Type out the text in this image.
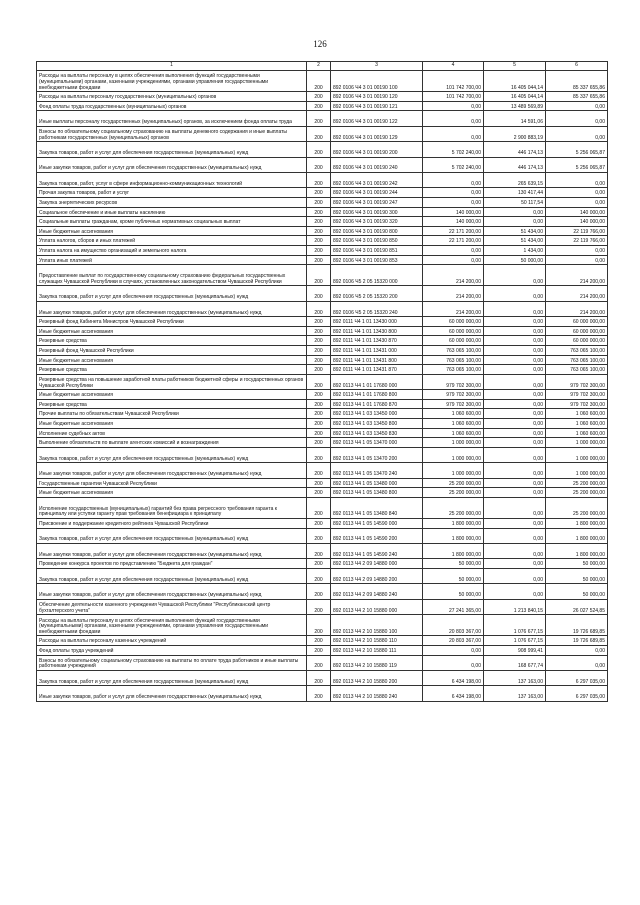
126
1	2	3	4	5	6
Расходы на выплаты персоналу в целях обеспечения выполнения функций государственными (муниципальными) органами, казенными учреждениями, органами управления государственными внебюджетными фондами	200	892 0106 Ч4 3 01 00190 100	101 742 700,00	16 405 044,14	85 337 655,86
Расходы на выплаты персоналу государственных (муниципальных) органов	200	892 0106 Ч4 3 01 00190 120	101 742 700,00	16 405 044,14	85 337 655,86
Фонд оплаты труда государственных (муниципальных) органов	200	892 0106 Ч4 3 01 00190 121	0,00	13 489 569,89	0,00
Иные выплаты персоналу государственных (муниципальных) органов, за исключением фонда оплаты труда	200	892 0106 Ч4 3 01 00190 122	0,00	14 591,06	0,00
Взносы по обязательному социальному страхованию на выплаты денежного содержания и иные выплаты работникам государственных (муниципальных) органов	200	892 0106 Ч4 3 01 00190 129	0,00	2 900 883,19	0,00
Закупка товаров, работ и услуг для обеспечения государственных (муниципальных) нужд	200	892 0106 Ч4 3 01 00190 200	5 702 240,00	446 174,13	5 256 065,87
Иные закупки товаров, работ и услуг для обеспечения государственных (муниципальных) нужд	200	892 0106 Ч4 3 01 00190 240	5 702 240,00	446 174,13	5 256 065,87
Закупка товаров, работ, услуг в сфере информационно-коммуникационных технологий	200	892 0106 Ч4 3 01 00190 242	0,00	265 639,15	0,00
Прочая закупка товаров, работ и услуг	200	892 0106 Ч4 3 01 00190 244	0,00	130 417,44	0,00
Закупка энергетических ресурсов	200	892 0106 Ч4 3 01 00190 247	0,00	50 117,54	0,00
Социальное обеспечение и иные выплаты населению	200	892 0106 Ч4 3 01 00190 300	140 000,00	0,00	140 000,00
Социальные выплаты гражданам, кроме публичных нормативных социальных выплат	200	892 0106 Ч4 3 01 00190 320	140 000,00	0,00	140 000,00
Иные бюджетные ассигнования	200	892 0106 Ч4 3 01 00190 800	22 171 200,00	51 434,00	22 119 766,00
Уплата налогов, сборов и иных платежей	200	892 0106 Ч4 3 01 00190 850	22 171 200,00	51 434,00	22 119 766,00
Уплата налога на имущество организаций и земельного налога	200	892 0106 Ч4 3 01 00190 851	0,00	1 434,00	0,00
Уплата иных платежей	200	892 0106 Ч4 3 01 00190 853	0,00	50 000,00	0,00
Предоставление выплат по государственному социальному страхованию федеральных государственных служащих Чувашской Республики в случаях, установленных законодательством Чувашской Республики	200	892 0106 Ч5 2 05 15320 000	214 200,00	0,00	214 200,00
Закупка товаров, работ и услуг для обеспечения государственных (муниципальных) нужд	200	892 0106 Ч5 2 05 15320 200	214 200,00	0,00	214 200,00
Иные закупки товаров, работ и услуг для обеспечения государственных (муниципальных) нужд	200	892 0106 Ч5 2 05 15320 240	214 200,00	0,00	214 200,00
Резервный фонд Кабинета Министров Чувашской Республики	200	892 0111 Ч4 1 01 13430 000	60 000 000,00	0,00	60 000 000,00
Иные бюджетные ассигнования	200	892 0111 Ч4 1 01 13430 800	60 000 000,00	0,00	60 000 000,00
Резервные средства	200	892 0111 Ч4 1 01 13430 870	60 000 000,00	0,00	60 000 000,00
Резервный фонд Чувашской Республики	200	892 0111 Ч4 1 01 13431 000	763 065 100,00	0,00	763 065 100,00
Иные бюджетные ассигнования	200	892 0111 Ч4 1 01 13431 800	763 065 100,00	0,00	763 065 100,00
Резервные средства	200	892 0111 Ч4 1 01 13431 870	763 065 100,00	0,00	763 065 100,00
Резервные средства на повышение заработной платы работников бюджетной сферы и государственных органов Чувашской Республики	200	892 0113 Ч4 1 01 17680 000	979 702 300,00	0,00	979 702 300,00
Иные бюджетные ассигнования	200	892 0113 Ч4 1 01 17680 800	979 702 300,00	0,00	979 702 300,00
Резервные средства	200	892 0113 Ч4 1 01 17680 870	979 702 300,00	0,00	979 702 300,00
Прочие выплаты по обязательствам Чувашской Республики	200	892 0113 Ч4 1 03 13450 000	1 060 600,00	0,00	1 060 600,00
Иные бюджетные ассигнования	200	892 0113 Ч4 1 03 13450 800	1 060 600,00	0,00	1 060 600,00
Исполнение судебных актов	200	892 0113 Ч4 1 03 13450 830	1 060 600,00	0,00	1 060 600,00
Выполнение обязательств по выплате агентских комиссий и вознаграждения	200	892 0113 Ч4 1 05 13470 000	1 000 000,00	0,00	1 000 000,00
Закупка товаров, работ и услуг для обеспечения государственных (муниципальных) нужд	200	892 0113 Ч4 1 05 13470 200	1 000 000,00	0,00	1 000 000,00
Иные закупки товаров, работ и услуг для обеспечения государственных (муниципальных) нужд	200	892 0113 Ч4 1 05 13470 240	1 000 000,00	0,00	1 000 000,00
Государственные гарантии Чувашской Республики	200	892 0113 Ч4 1 05 13480 000	25 200 000,00	0,00	25 200 000,00
Иные бюджетные ассигнования	200	892 0113 Ч4 1 05 13480 800	25 200 000,00	0,00	25 200 000,00
Исполнение государственных (муниципальных) гарантий без права регрессного требования гаранта к принципалу или уступки гаранту прав требования бенефициара к принципалу	200	892 0113 Ч4 1 05 13480 840	25 200 000,00	0,00	25 200 000,00
Присвоение и поддержание кредитного рейтинга Чувашской Республики	200	892 0113 Ч4 1 05 14590 000	1 800 000,00	0,00	1 800 000,00
Закупка товаров, работ и услуг для обеспечения государственных (муниципальных) нужд	200	892 0113 Ч4 1 05 14590 200	1 800 000,00	0,00	1 800 000,00
Иные закупки товаров, работ и услуг для обеспечения государственных (муниципальных) нужд	200	892 0113 Ч4 1 05 14590 240	1 800 000,00	0,00	1 800 000,00
Проведение конкурса проектов по представлению "Бюджета для граждан"	200	892 0113 Ч4 2 09 14880 000	50 000,00	0,00	50 000,00
Закупка товаров, работ и услуг для обеспечения государственных (муниципальных) нужд	200	892 0113 Ч4 2 09 14880 200	50 000,00	0,00	50 000,00
Иные закупки товаров, работ и услуг для обеспечения государственных (муниципальных) нужд	200	892 0113 Ч4 2 09 14880 240	50 000,00	0,00	50 000,00
Обеспечение деятельности казенного учреждения Чувашской Республики "Республиканский центр бухгалтерского учета"	200	892 0113 Ч4 2 10 15880 000	27 241 365,00	1 213 840,15	26 027 524,85
Расходы на выплаты персоналу в целях обеспечения выполнения функций государственными (муниципальными) органами, казенными учреждениями, органами управления государственными внебюджетными фондами	200	892 0113 Ч4 2 10 15880 100	20 803 367,00	1 076 677,15	19 726 689,85
Расходы на выплаты персоналу казенных учреждений	200	892 0113 Ч4 2 10 15880 110	20 803 367,00	1 076 677,15	19 726 689,85
Фонд оплаты труда учреждений	200	892 0113 Ч4 2 10 15880 111	0,00	908 999,41	0,00
Взносы по обязательному социальному страхованию на выплаты по оплате труда работников и иные выплаты работникам учреждений	200	892 0113 Ч4 2 10 15880 119	0,00	168 677,74	0,00
Закупка товаров, работ и услуг для обеспечения государственных (муниципальных) нужд	200	892 0113 Ч4 2 10 15880 200	6 434 198,00	137 163,00	6 297 035,00
Иные закупки товаров, работ и услуг для обеспечения государственных (муниципальных) нужд	200	892 0113 Ч4 2 10 15880 240	6 434 198,00	137 163,00	6 297 035,00
